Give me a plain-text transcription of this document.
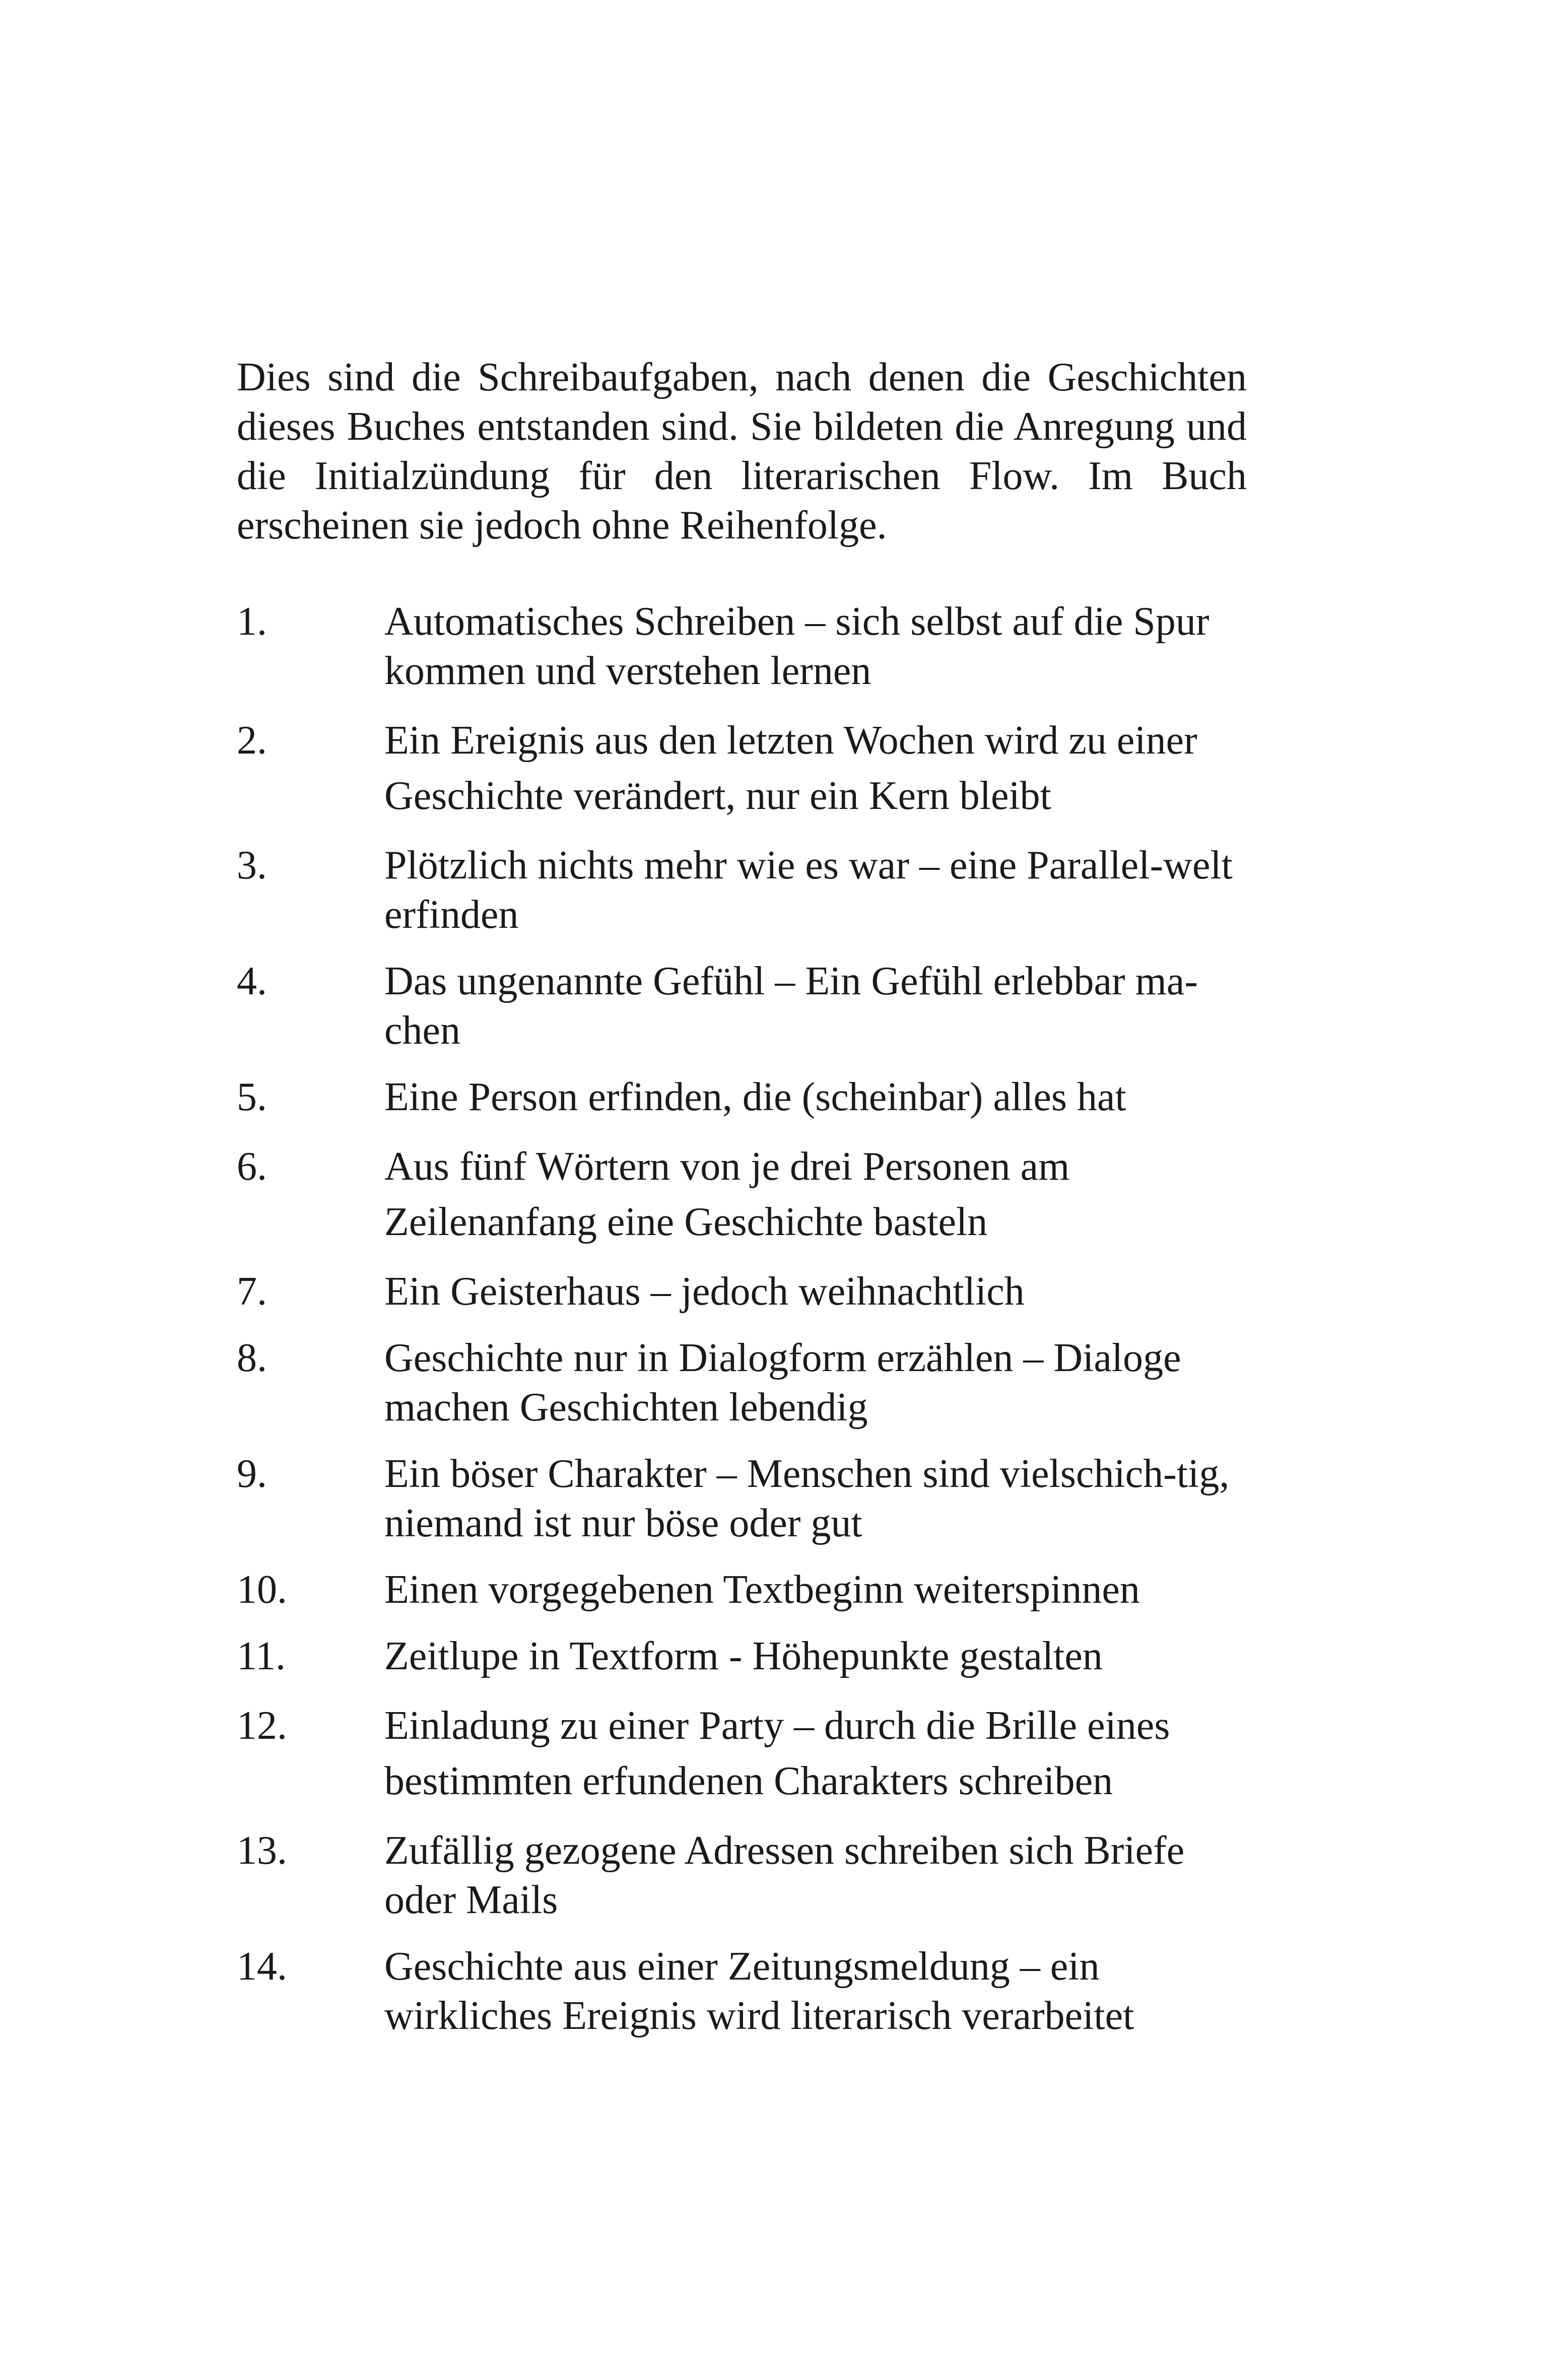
Dies sind die Schreibaufgaben, nach denen die Geschichten dieses Buches entstanden sind. Sie bildeten die Anregung und die Initialzündung für den literarischen Flow. Im Buch erscheinen sie jedoch ohne Reihenfolge.

1.	Automatisches Schreiben – sich selbst auf die Spur kommen und verstehen lernen
2.	Ein Ereignis aus den letzten Wochen wird zu einer Geschichte verändert, nur ein Kern bleibt
3.	Plötzlich nichts mehr wie es war – eine Parallel-welt erfinden
4.	Das ungenannte Gefühl – Ein Gefühl erlebbar ma-chen
5.	Eine Person erfinden, die (scheinbar) alles hat
6.	Aus fünf Wörtern von je drei Personen am Zeilenanfang eine Geschichte basteln
7.	Ein Geisterhaus – jedoch weihnachtlich
8.	Geschichte nur in Dialogform erzählen – Dialoge machen Geschichten lebendig
9.	Ein böser Charakter – Menschen sind vielschich-tig, niemand ist nur böse oder gut
10.	Einen vorgegebenen Textbeginn weiterspinnen
11.	Zeitlupe in Textform - Höhepunkte gestalten
12.	Einladung zu einer Party – durch die Brille eines bestimmten erfundenen Charakters schreiben
13.	Zufällig gezogene Adressen schreiben sich Briefe oder Mails
14.	Geschichte aus einer Zeitungsmeldung – ein wirkliches Ereignis wird literarisch verarbeitet
